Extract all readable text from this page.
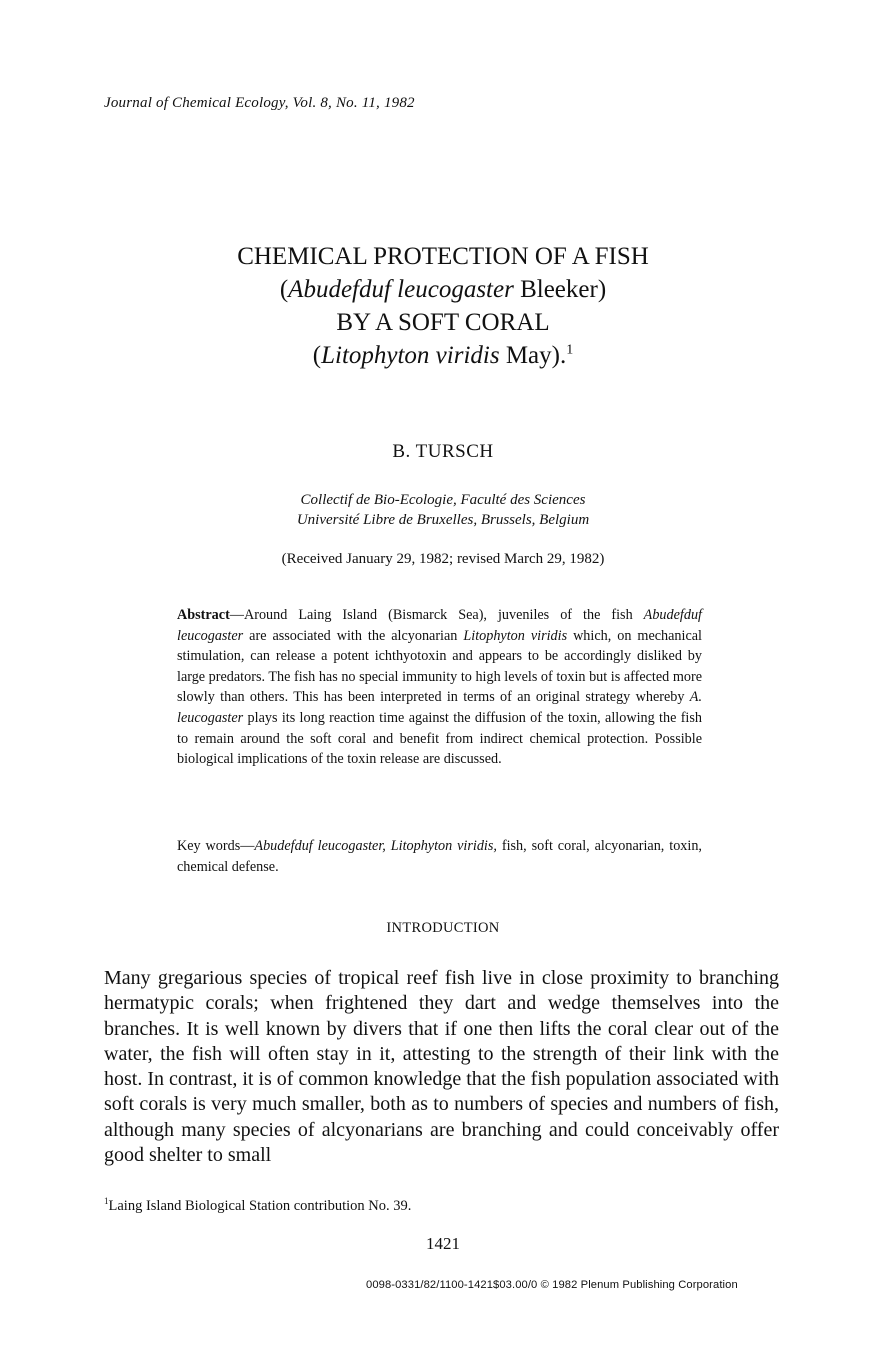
Journal of Chemical Ecology, Vol. 8, No. 11, 1982
CHEMICAL PROTECTION OF A FISH
(Abudefduf leucogaster Bleeker)
BY A SOFT CORAL
(Litophyton viridis May).$^1$
B. TURSCH
Collectif de Bio-Ecologie, Faculté des Sciences
Université Libre de Bruxelles, Brussels, Belgium
(Received January 29, 1982; revised March 29, 1982)
Abstract—Around Laing Island (Bismarck Sea), juveniles of the fish Abudefduf leucogaster are associated with the alcyonarian Litophyton viridis which, on mechanical stimulation, can release a potent ichthyotoxin and appears to be accordingly disliked by large predators. The fish has no special immunity to high levels of toxin but is affected more slowly than others. This has been interpreted in terms of an original strategy whereby A. leucogaster plays its long reaction time against the diffusion of the toxin, allowing the fish to remain around the soft coral and benefit from indirect chemical protection. Possible biological implications of the toxin release are discussed.
Key words—Abudefduf leucogaster, Litophyton viridis, fish, soft coral, alcyonarian, toxin, chemical defense.
INTRODUCTION
Many gregarious species of tropical reef fish live in close proximity to branching hermatypic corals; when frightened they dart and wedge themselves into the branches. It is well known by divers that if one then lifts the coral clear out of the water, the fish will often stay in it, attesting to the strength of their link with the host. In contrast, it is of common knowledge that the fish population associated with soft corals is very much smaller, both as to numbers of species and numbers of fish, although many species of alcyonarians are branching and could conceivably offer good shelter to small
$^1$Laing Island Biological Station contribution No. 39.
1421
0098-0331/82/1100-1421$03.00/0 © 1982 Plenum Publishing Corporation
